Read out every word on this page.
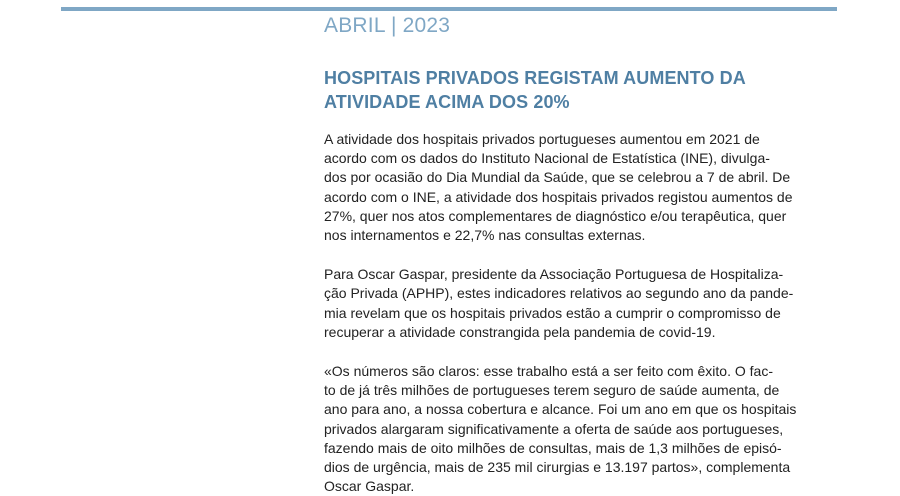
ABRIL | 2023

HOSPITAIS PRIVADOS REGISTAM AUMENTO DA
ATIVIDADE ACIMA DOS 20%

A atividade dos hospitais privados portugueses aumentou em 2021 de
acordo com os dados do Instituto Nacional de Estatística (INE), divulga-
dos por ocasião do Dia Mundial da Saúde, que se celebrou a 7 de abril. De
acordo com o INE, a atividade dos hospitais privados registou aumentos de
27%, quer nos atos complementares de diagnóstico e/ou terapêutica, quer
nos internamentos e 22,7% nas consultas externas.

Para Oscar Gaspar, presidente da Associação Portuguesa de Hospitaliza-
ção Privada (APHP), estes indicadores relativos ao segundo ano da pande-
mia revelam que os hospitais privados estão a cumprir o compromisso de
recuperar a atividade constrangida pela pandemia de covid-19.

«Os números são claros: esse trabalho está a ser feito com êxito. O fac-
to de já três milhões de portugueses terem seguro de saúde aumenta, de
ano para ano, a nossa cobertura e alcance. Foi um ano em que os hospitais
privados alargaram significativamente a oferta de saúde aos portugueses,
fazendo mais de oito milhões de consultas, mais de 1,3 milhões de episó-
dios de urgência, mais de 235 mil cirurgias e 13.197 partos», complementa
Oscar Gaspar.
